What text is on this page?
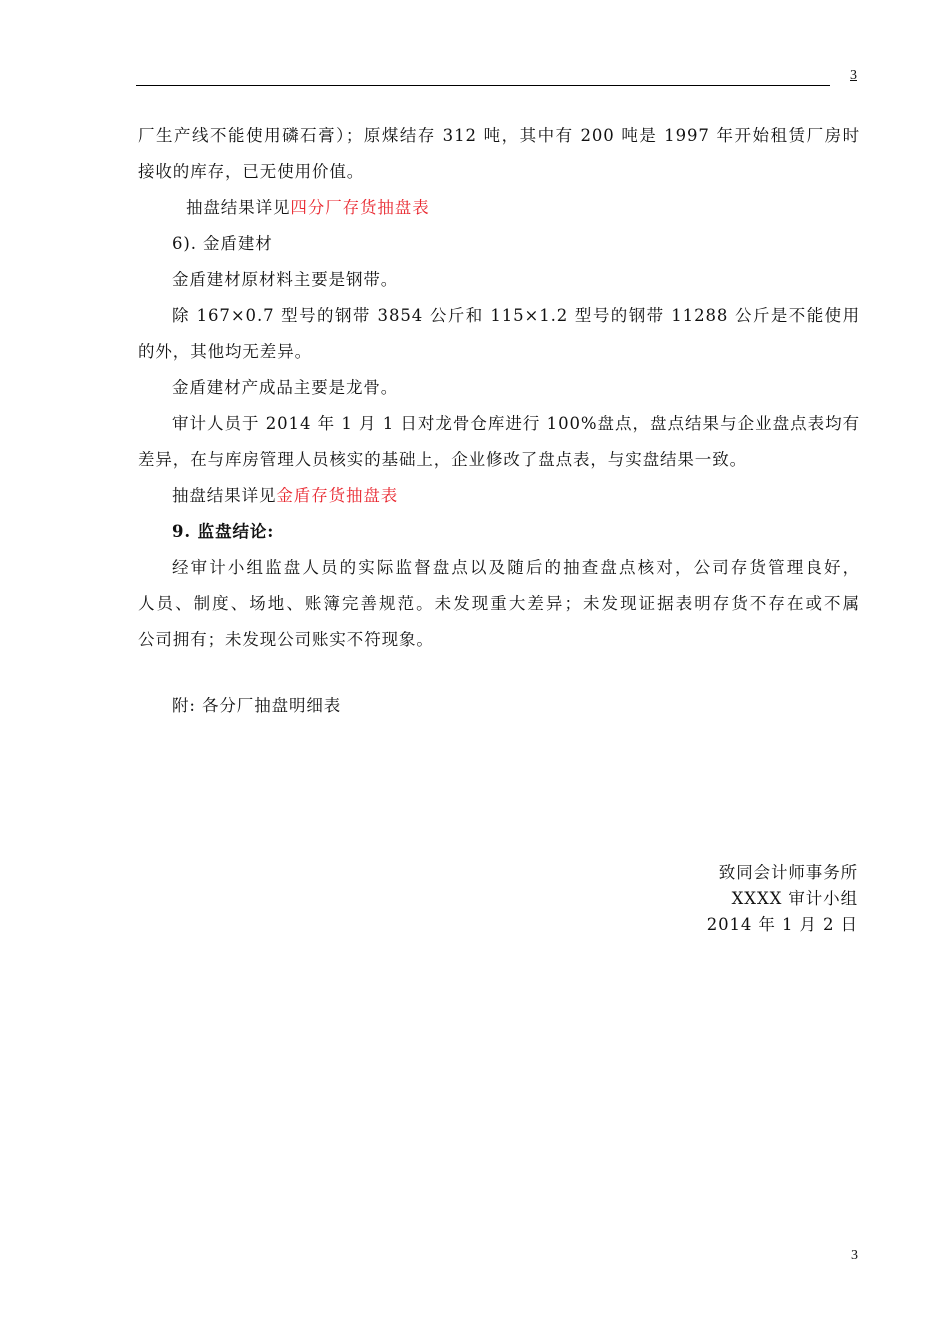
3
厂生产线不能使用磷石膏）；原煤结存 312 吨，其中有 200 吨是 1997 年开始租赁厂房时
接收的库存，已无使用价值。
抽盘结果详见四分厂存货抽盘表
6). 金盾建材
金盾建材原材料主要是钢带。
除 167×0.7 型号的钢带 3854 公斤和 115×1.2 型号的钢带 11288 公斤是不能使用
的外，其他均无差异。
金盾建材产成品主要是龙骨。
审计人员于 2014 年 1 月 1 日对龙骨仓库进行 100%盘点，盘点结果与企业盘点表均有
差异，在与库房管理人员核实的基础上，企业修改了盘点表，与实盘结果一致。
抽盘结果详见金盾存货抽盘表
9. 监盘结论:
经审计小组监盘人员的实际监督盘点以及随后的抽查盘点核对，公司存货管理良好，
人员、制度、场地、账簿完善规范。未发现重大差异；未发现证据表明存货不存在或不属
公司拥有；未发现公司账实不符现象。
附: 各分厂抽盘明细表
致同会计师事务所
XXXX 审计小组
2014 年 1 月 2 日
3
